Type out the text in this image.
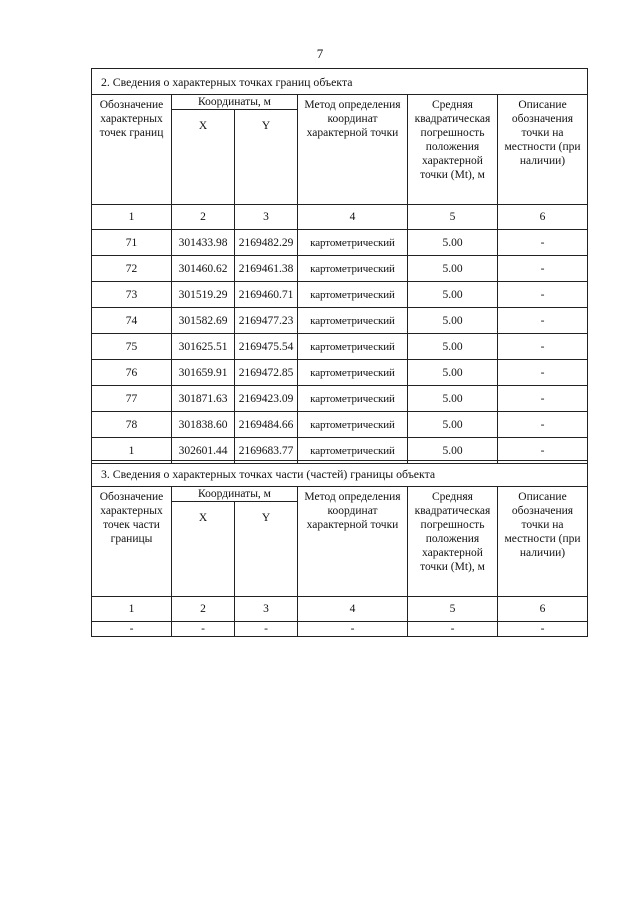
7
2. Сведения о характерных точках границ объекта					
Обозначение характерных точек границ	Координаты, м		Метод определения координат характерной точки	Средняя квадратическая погрешность положения характерной точки (Mt), м	Описание обозначения точки на местности (при наличии)
	X	Y			
1	2	3	4	5	6
71	301433.98	2169482.29	картометрический	5.00	-
72	301460.62	2169461.38	картометрический	5.00	-
73	301519.29	2169460.71	картометрический	5.00	-
74	301582.69	2169477.23	картометрический	5.00	-
75	301625.51	2169475.54	картометрический	5.00	-
76	301659.91	2169472.85	картометрический	5.00	-
77	301871.63	2169423.09	картометрический	5.00	-
78	301838.60	2169484.66	картометрический	5.00	-
1	302601.44	2169683.77	картометрический	5.00	-
3. Сведения о характерных точках части (частей) границы объекта					
Обозначение характерных точек части границы	Координаты, м		Метод определения координат характерной точки	Средняя квадратическая погрешность положения характерной точки (Mt), м	Описание обозначения точки на местности (при наличии)
	X	Y			
1	2	3	4	5	6
-	-	-	-	-	-
